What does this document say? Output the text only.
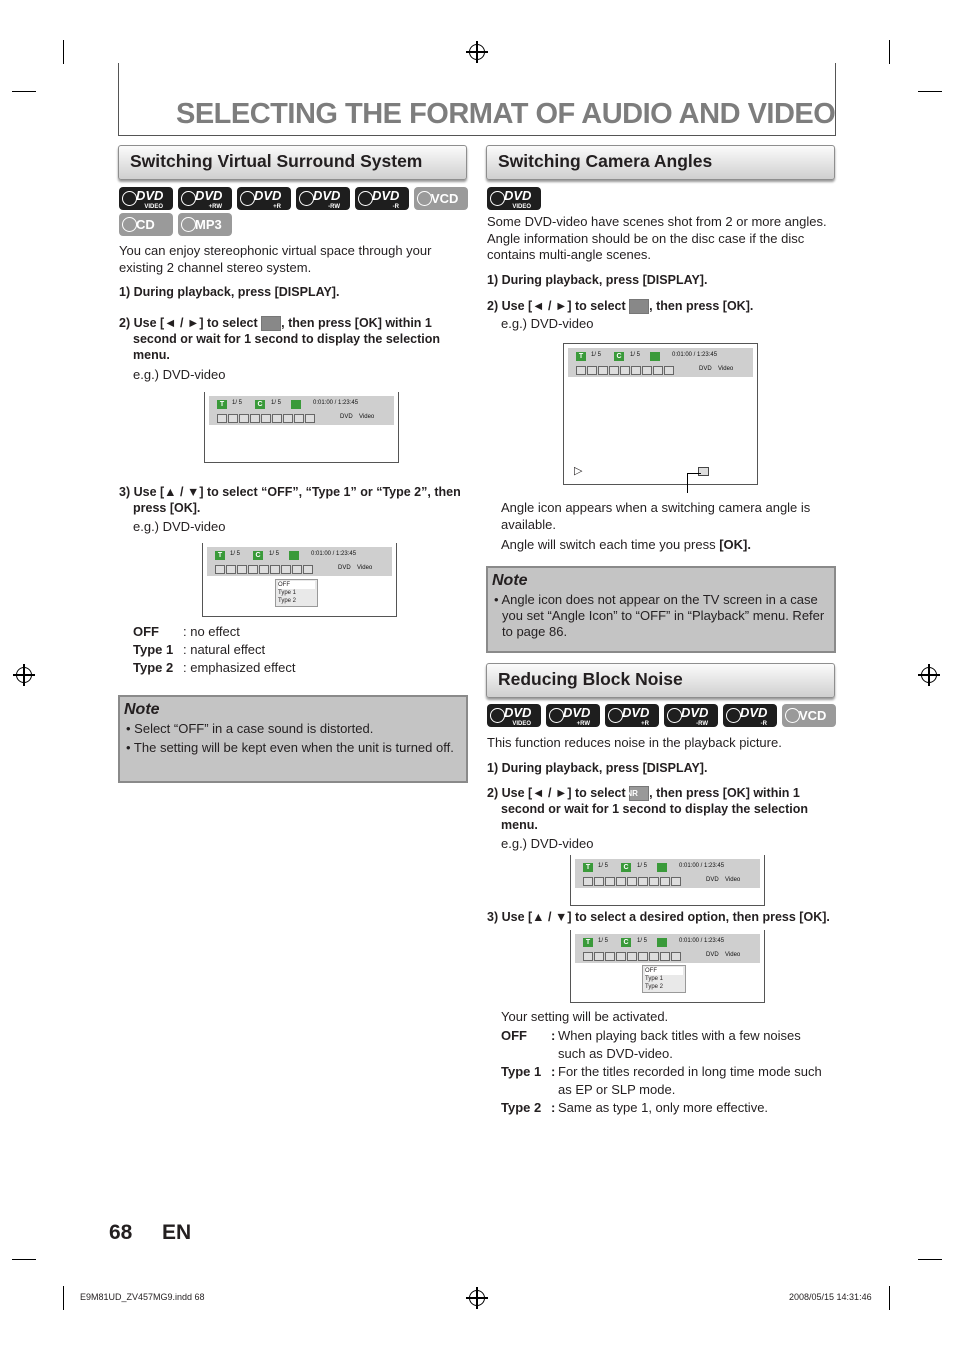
SELECTING THE FORMAT OF AUDIO AND VIDEO
Switching Virtual Surround System
DVD
VIDEO
DVD
+RW
DVD
+R
DVD
-RW
DVD
-R
VCD
CD	MP3
You can enjoy stereophonic virtual space through your existing 2 channel stereo system.
1) During playback, press [DISPLAY].
2) Use [◄ / ►] to select , then press [OK] within 1 second or wait for 1 second to display the selection menu.
e.g.) DVD-video
T	1/ 5	C	1/ 5	0:01:00 / 1:23:45
DVD Video
3) Use [▲ / ▼] to select “OFF”, “Type 1” or “Type 2”, then press [OK].
e.g.) DVD-video
T	1/ 5	C	1/ 5	0:01:00 / 1:23:45
DVD Video
OFF
Type 1
Type 2
OFF : no effect
Type 1 : natural effect
Type 2 : emphasized effect
Note
• Select “OFF” in a case sound is distorted.
• The setting will be kept even when the unit is turned off.
Switching Camera Angles
DVD
VIDEO
Some DVD-video have scenes shot from 2 or more angles. Angle information should be on the disc case if the disc contains multi-angle scenes.
1) During playback, press [DISPLAY].
2) Use [◄ / ►] to select , then press [OK].
e.g.) DVD-video
T	1/ 5	C	1/ 5	0:01:00 / 1:23:45
DVD Video
▷
Angle icon appears when a switching camera angle is available.
Angle will switch each time you press [OK].
Note
• Angle icon does not appear on the TV screen in a case you set “Angle Icon” to “OFF” in “Playback” menu. Refer to page 86.
Reducing Block Noise
DVD
VIDEO
DVD
+RW
DVD
+R
DVD
-RW
DVD
-R
VCD
This function reduces noise in the playback picture.
1) During playback, press [DISPLAY].
2) Use [◄ / ►] to select NR , then press [OK] within 1 second or wait for 1 second to display the selection menu.
e.g.) DVD-video
T	1/ 5	C	1/ 5	0:01:00 / 1:23:45
DVD Video
3) Use [▲ / ▼] to select a desired option, then press [OK].
T	1/ 5	C	1/ 5	0:01:00 / 1:23:45
DVD Video
OFF
Type 1
Type 2
Your setting will be activated.
OFF	: When playing back titles with a few noises such as DVD-video.
Type 1 : For the titles recorded in long time mode such as EP or SLP mode.
Type 2 : Same as type 1, only more effective.
68 EN
E9M81UD_ZV457MG9.indd 68	2008/05/15 14:31:46
